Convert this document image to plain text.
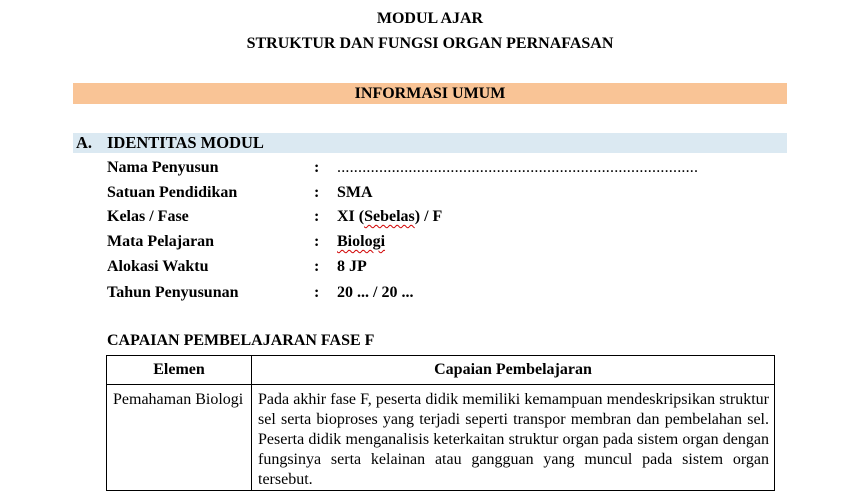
MODUL AJAR
STRUKTUR DAN FUNGSI ORGAN PERNAFASAN
INFORMASI UMUM
A. IDENTITAS MODUL
Nama Penyusun	: ......................................................................................
Satuan Pendidikan	: SMA
Kelas / Fase	: XI (Sebelas) / F
Mata Pelajaran	: Biologi
Alokasi Waktu	: 8 JP
Tahun Penyusunan	: 20 ... / 20 ...
CAPAIAN PEMBELAJARAN FASE F
Elemen	Capaian Pembelajaran
Pemahaman Biologi	Pada akhir fase F, peserta didik memiliki kemampuan mendeskripsikan struktur sel serta bioproses yang terjadi seperti transpor membran dan pembelahan sel. Peserta didik menganalisis keterkaitan struktur organ pada sistem organ dengan fungsinya serta kelainan atau gangguan yang muncul pada sistem organ tersebut.
